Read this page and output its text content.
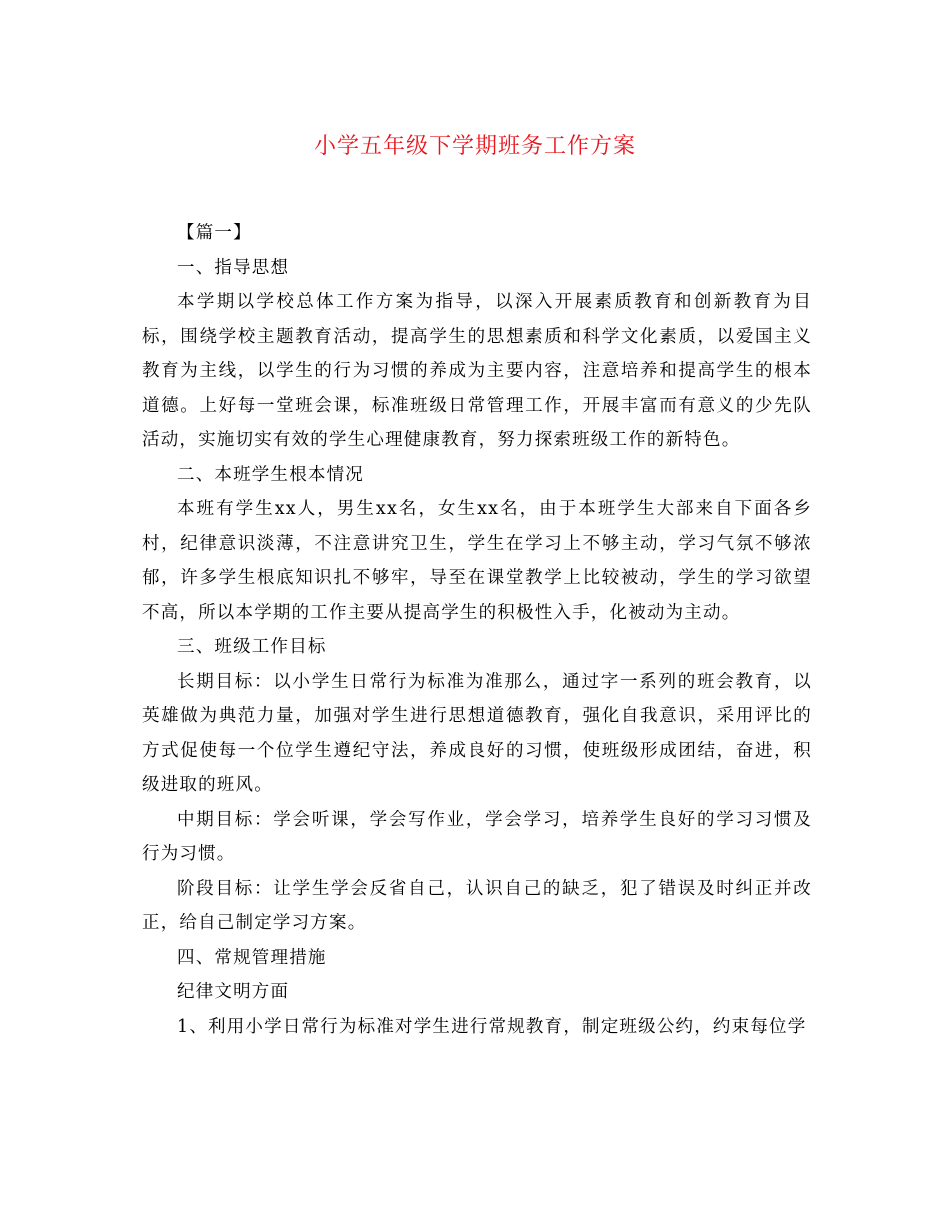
小学五年级下学期班务工作方案

【篇一】

一、指导思想

本学期以学校总体工作方案为指导，以深入开展素质教育和创新教育为目标，围绕学校主题教育活动，提高学生的思想素质和科学文化素质，以爱国主义教育为主线，以学生的行为习惯的养成为主要内容，注意培养和提高学生的根本道德。上好每一堂班会课，标准班级日常管理工作，开展丰富而有意义的少先队活动，实施切实有效的学生心理健康教育，努力探索班级工作的新特色。

二、本班学生根本情况

本班有学生xx人，男生xx名，女生xx名，由于本班学生大部来自下面各乡村，纪律意识淡薄，不注意讲究卫生，学生在学习上不够主动，学习气氛不够浓郁，许多学生根底知识扎不够牢，导至在课堂教学上比较被动，学生的学习欲望不高，所以本学期的工作主要从提高学生的积极性入手，化被动为主动。

三、班级工作目标

长期目标：以小学生日常行为标准为准那么，通过字一系列的班会教育，以英雄做为典范力量，加强对学生进行思想道德教育，强化自我意识，采用评比的方式促使每一个位学生遵纪守法，养成良好的习惯，使班级形成团结，奋进，积级进取的班风。

中期目标：学会听课，学会写作业，学会学习，培养学生良好的学习习惯及行为习惯。

阶段目标：让学生学会反省自己，认识自己的缺乏，犯了错误及时纠正并改正，给自己制定学习方案。

四、常规管理措施

纪律文明方面

1、利用小学日常行为标准对学生进行常规教育，制定班级公约，约束每位学
